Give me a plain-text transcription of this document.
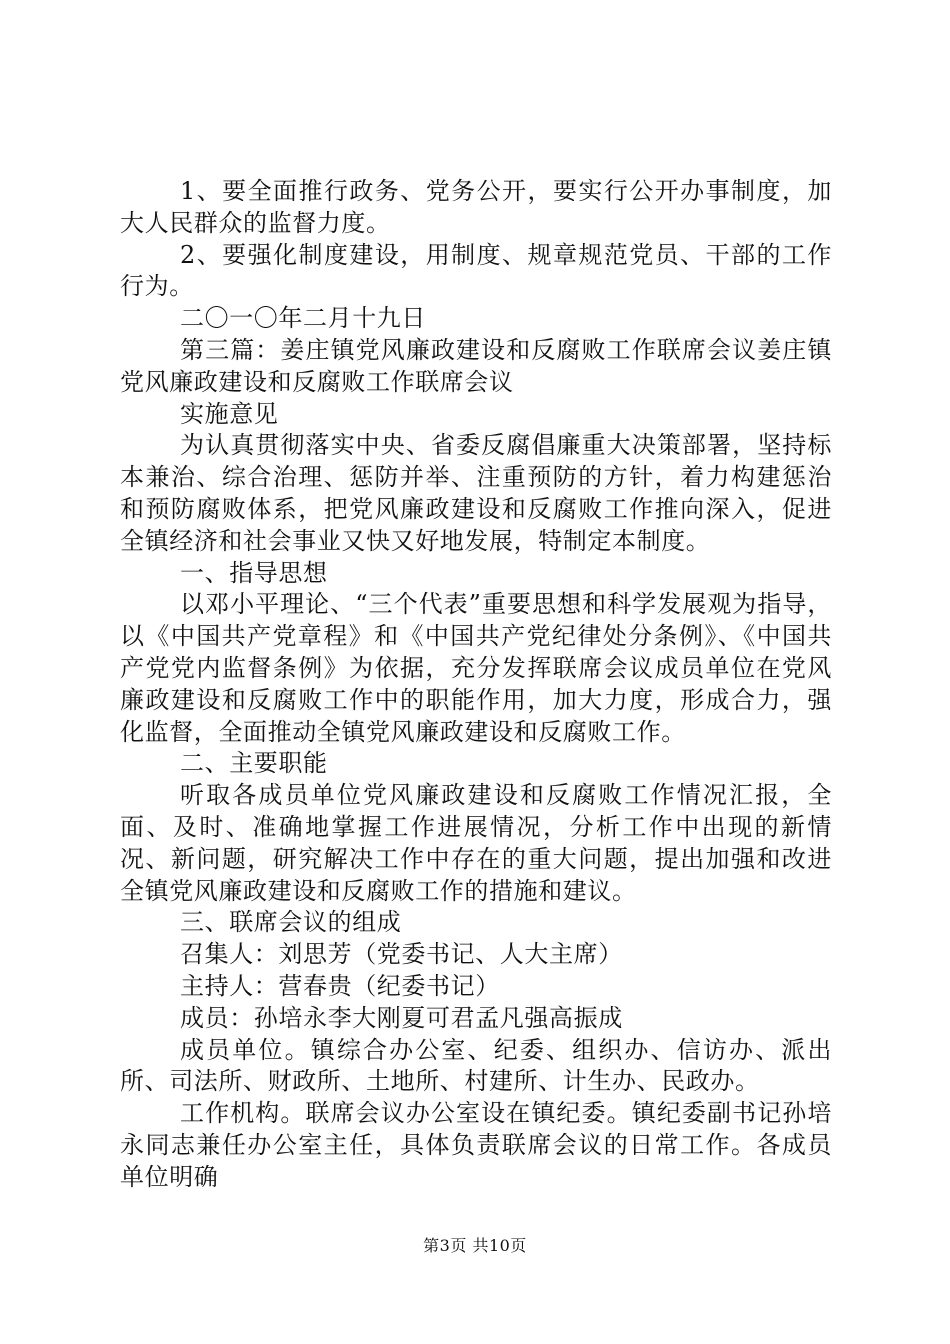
1、要全面推行政务、党务公开，要实行公开办事制度，加大人民群众的监督力度。

2、要强化制度建设，用制度、规章规范党员、干部的工作行为。

二〇一〇年二月十九日

第三篇：姜庄镇党风廉政建设和反腐败工作联席会议姜庄镇党风廉政建设和反腐败工作联席会议

实施意见

为认真贯彻落实中央、省委反腐倡廉重大决策部署，坚持标本兼治、综合治理、惩防并举、注重预防的方针，着力构建惩治和预防腐败体系，把党风廉政建设和反腐败工作推向深入，促进全镇经济和社会事业又快又好地发展，特制定本制度。

一、指导思想

以邓小平理论、“三个代表”重要思想和科学发展观为指导，以《中国共产党章程》和《中国共产党纪律处分条例》、《中国共产党党内监督条例》为依据，充分发挥联席会议成员单位在党风廉政建设和反腐败工作中的职能作用，加大力度，形成合力，强化监督，全面推动全镇党风廉政建设和反腐败工作。

二、主要职能

听取各成员单位党风廉政建设和反腐败工作情况汇报，全面、及时、准确地掌握工作进展情况，分析工作中出现的新情况、新问题，研究解决工作中存在的重大问题，提出加强和改进全镇党风廉政建设和反腐败工作的措施和建议。

三、联席会议的组成

召集人：刘思芳（党委书记、人大主席）

主持人：营春贵（纪委书记）

成员：孙培永李大刚夏可君孟凡强高振成

成员单位。镇综合办公室、纪委、组织办、信访办、派出所、司法所、财政所、土地所、村建所、计生办、民政办。

工作机构。联席会议办公室设在镇纪委。镇纪委副书记孙培永同志兼任办公室主任，具体负责联席会议的日常工作。各成员单位明确

第3页 共10页
